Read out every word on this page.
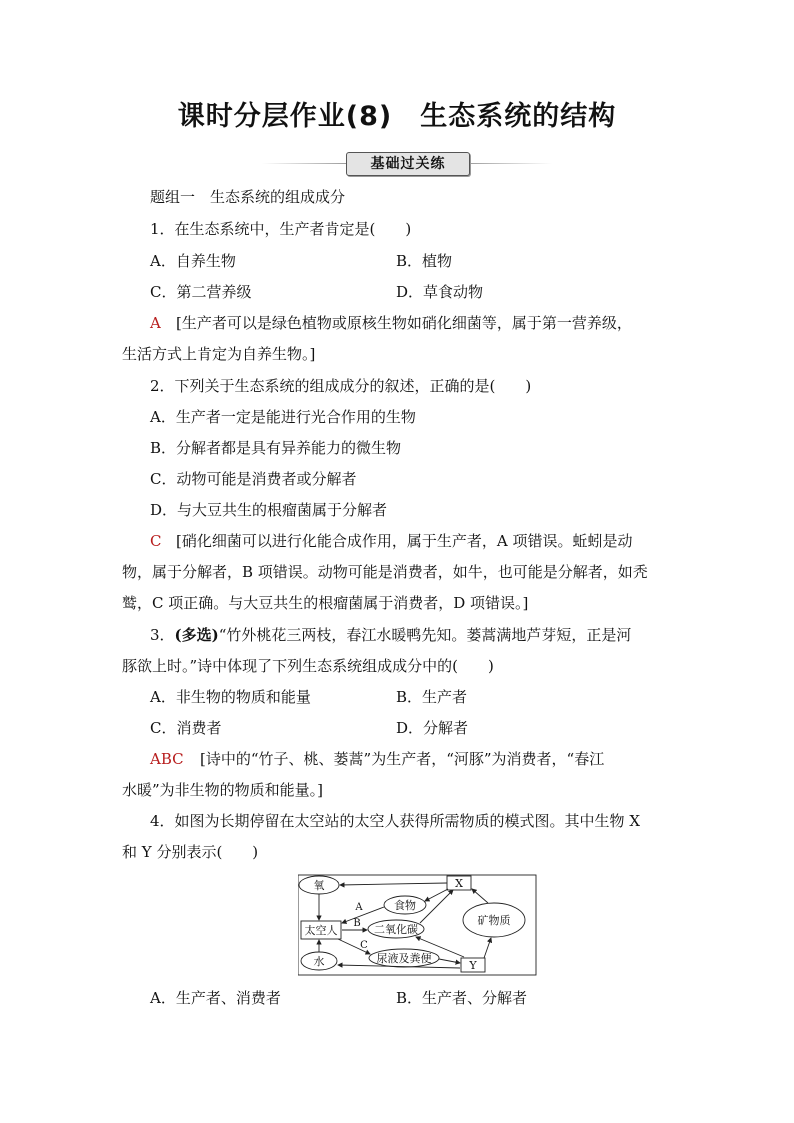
课时分层作业(8)　生态系统的结构
基础过关练
题组一　生态系统的组成成分
1．在生态系统中，生产者肯定是(　　)
A．自养生物	B．植物
C．第二营养级	D．草食动物
A [生产者可以是绿色植物或原核生物如硝化细菌等，属于第一营养级，
生活方式上肯定为自养生物。]
2．下列关于生态系统的组成成分的叙述，正确的是(　　)
A．生产者一定是能进行光合作用的生物
B．分解者都是具有异养能力的微生物
C．动物可能是消费者或分解者
D．与大豆共生的根瘤菌属于分解者
C [硝化细菌可以进行化能合成作用，属于生产者，A 项错误。蚯蚓是动
物，属于分解者，B 项错误。动物可能是消费者，如牛，也可能是分解者，如秃
鹫，C 项正确。与大豆共生的根瘤菌属于消费者，D 项错误。]
3．(多选)“竹外桃花三两枝，春江水暖鸭先知。蒌蒿满地芦芽短，正是河
豚欲上时。”诗中体现了下列生态系统组成成分中的(　　)
A．非生物的物质和能量	B．生产者
C．消费者	D．分解者
ABC [诗中的“竹子、桃、蒌蒿”为生产者，“河豚”为消费者，“春江
水暖”为非生物的物质和能量。]
4．如图为长期停留在太空站的太空人获得所需物质的模式图。其中生物 X
和 Y 分别表示(　　)
氧	X
食物
矿物质
太空人	二氧化碳
水	尿液及粪便
Y
A
B
C
A．生产者、消费者	B．生产者、分解者
